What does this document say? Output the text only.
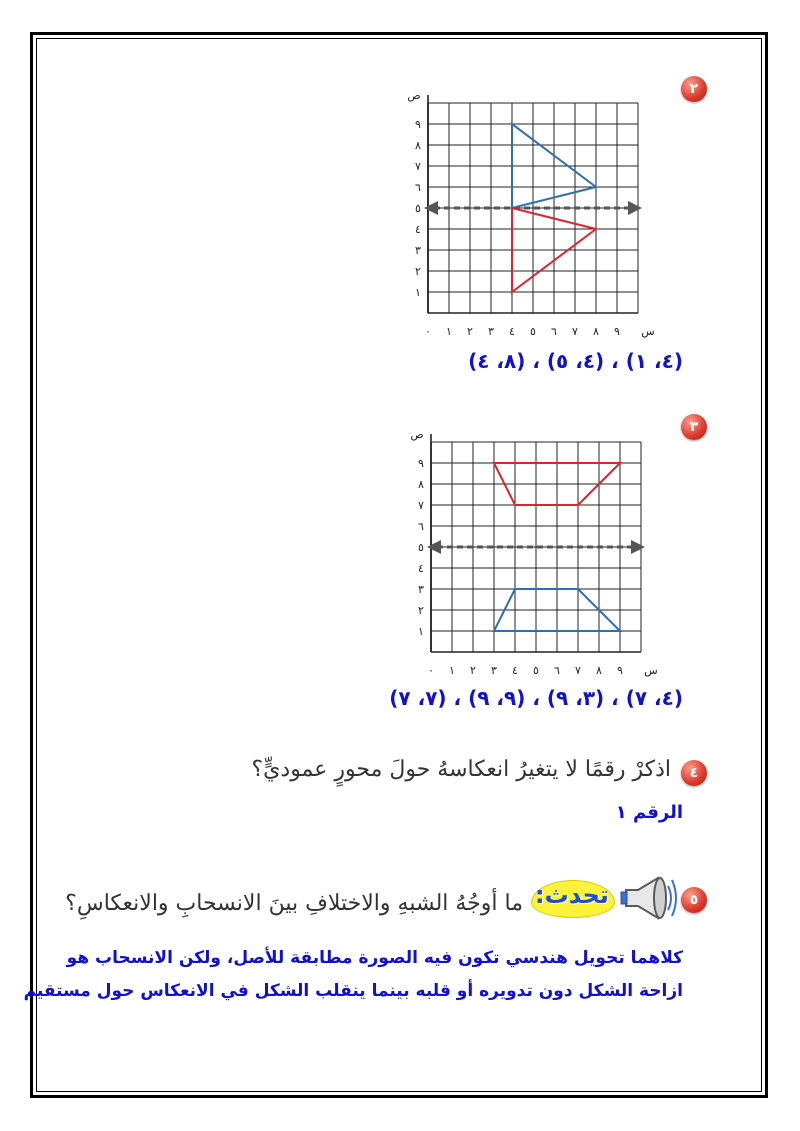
٢
٠ ١ ٢ ٣ ٤ ٥ ٦ ٧ ٨ ٩
١
٢
٣
٤
٥
٦
٧
٨
٩
ص
س
(٤، ١) ، (٤، ٥) ، (٨، ٤)
٣
٠ ١ ٢ ٣ ٤ ٥ ٦ ٧ ٨ ٩
١
٢
٣
٤
٥
٦
٧
٨
٩
ص
س
(٤، ٧) ، (٣، ٩) ، (٩، ٩) ، (٧، ٧)
٤
اذكرْ رقمًا لا يتغيرُ انعكاسهُ حولَ محورٍ عموديٍّ؟
الرقم ١
٥
تحدث:
ما أوجُهُ الشبهِ والاختلافِ بينَ الانسحابِ والانعكاسِ؟
كلاهما تحويل هندسي تكون فيه الصورة مطابقة للأصل، ولكن الانسحاب هو
ازاحة الشكل دون تدويره أو قلبه بينما ينقلب الشكل في الانعكاس حول مستقيم
